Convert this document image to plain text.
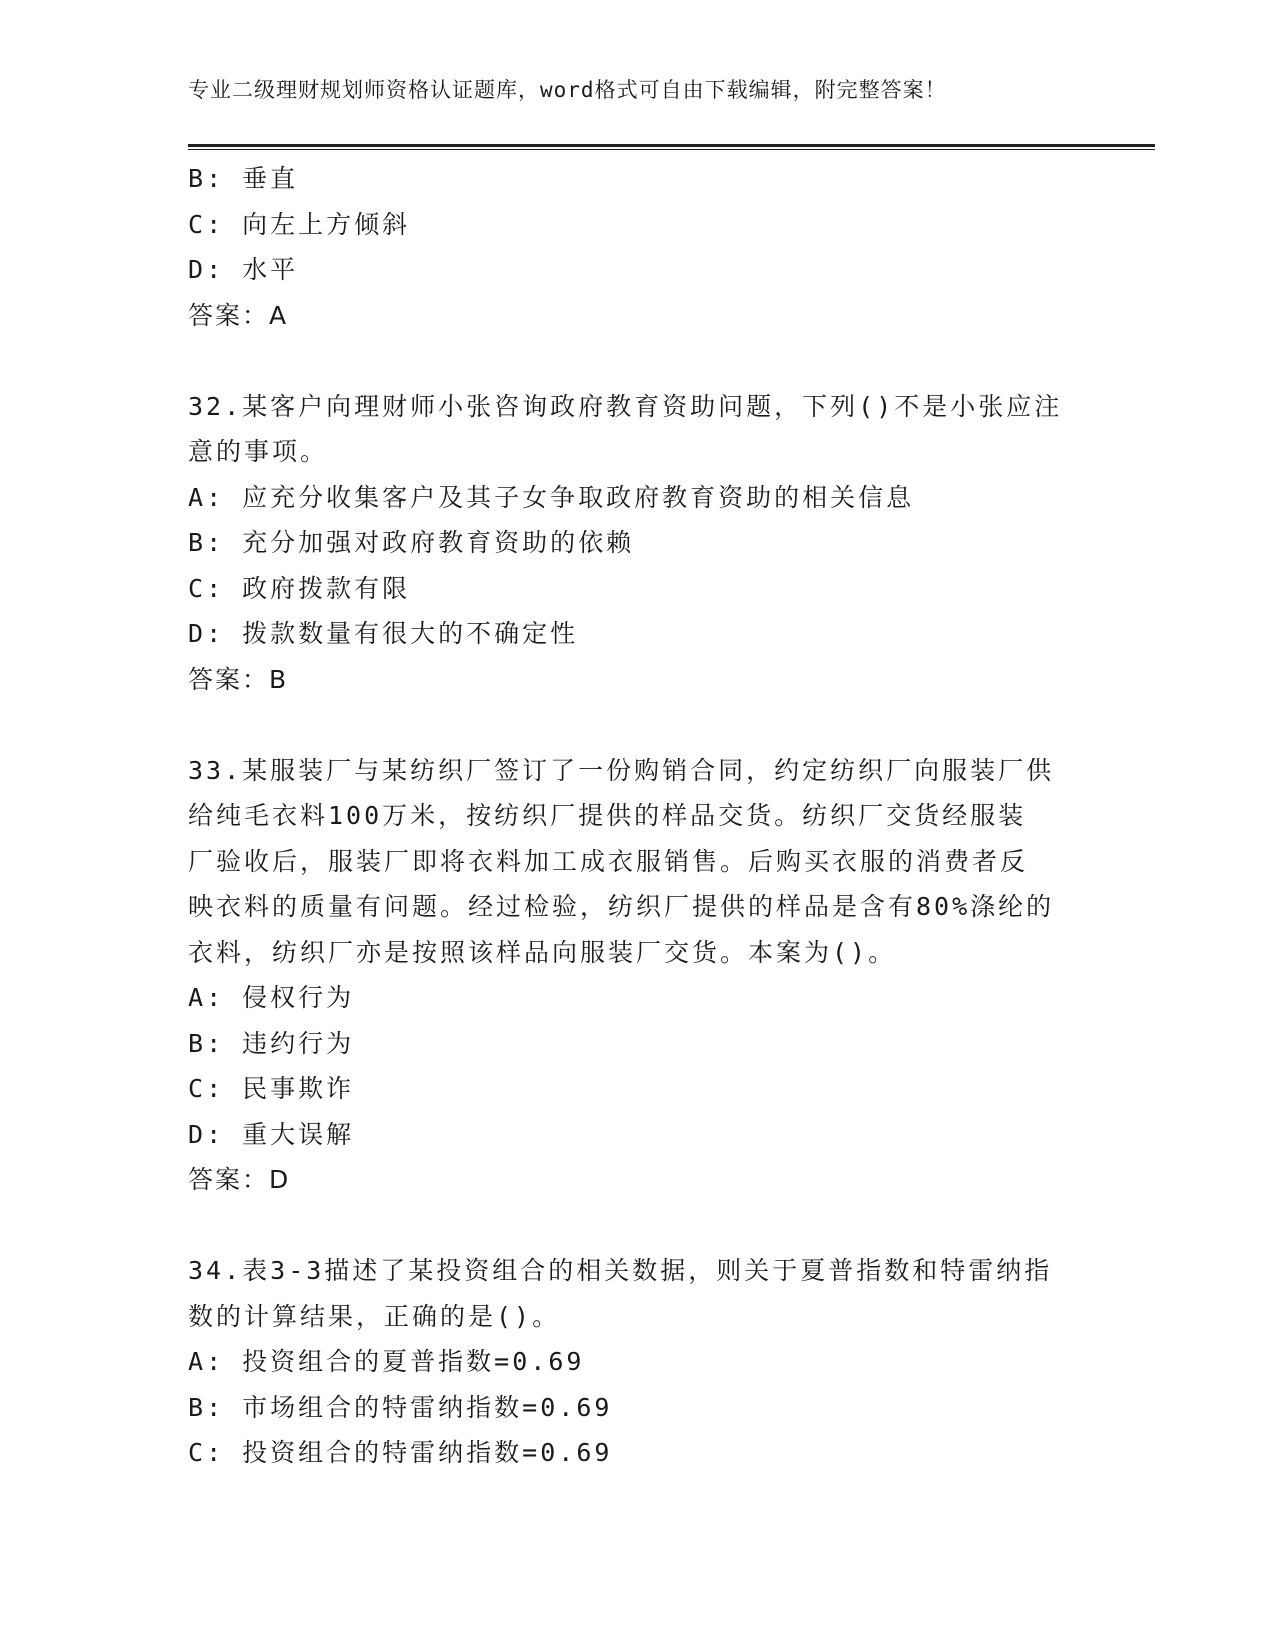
专业二级理财规划师资格认证题库，word格式可自由下载编辑，附完整答案！
B: 垂直
C: 向左上方倾斜
D: 水平
答案：A
32.某客户向理财师小张咨询政府教育资助问题，下列()不是小张应注
意的事项。
A: 应充分收集客户及其子女争取政府教育资助的相关信息
B: 充分加强对政府教育资助的依赖
C: 政府拨款有限
D: 拨款数量有很大的不确定性
答案：B
33.某服装厂与某纺织厂签订了一份购销合同，约定纺织厂向服装厂供
给纯毛衣料100万米，按纺织厂提供的样品交货。纺织厂交货经服装
厂验收后，服装厂即将衣料加工成衣服销售。后购买衣服的消费者反
映衣料的质量有问题。经过检验，纺织厂提供的样品是含有80%涤纶的
衣料，纺织厂亦是按照该样品向服装厂交货。本案为()。
A: 侵权行为
B: 违约行为
C: 民事欺诈
D: 重大误解
答案：D
34.表3-3描述了某投资组合的相关数据，则关于夏普指数和特雷纳指
数的计算结果，正确的是()。
A: 投资组合的夏普指数=0.69
B: 市场组合的特雷纳指数=0.69
C: 投资组合的特雷纳指数=0.69
